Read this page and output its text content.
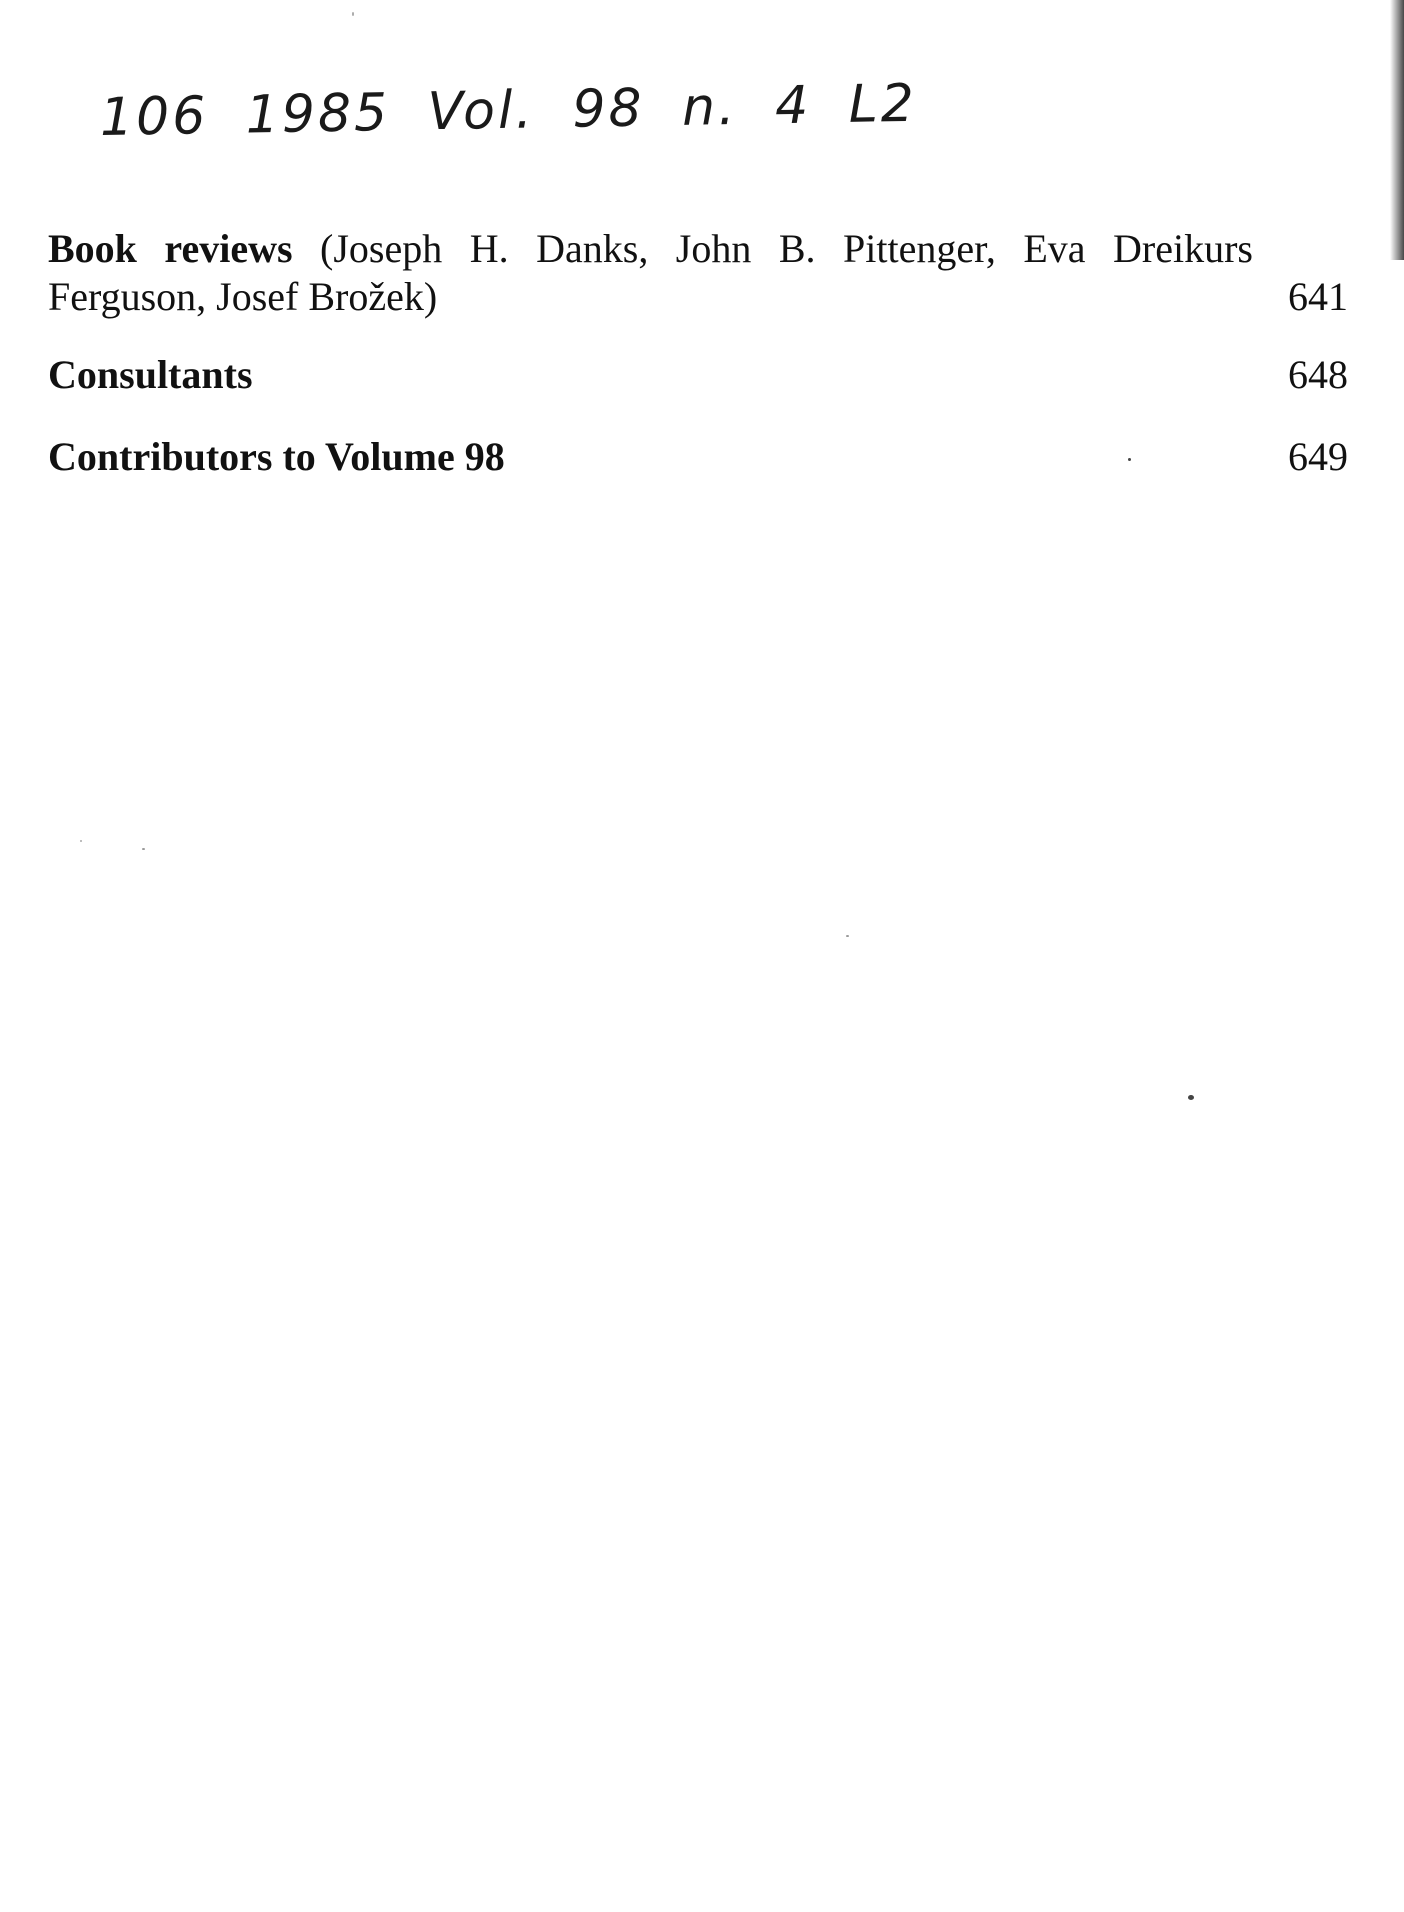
106 1985 Vol. 98 n. 4 L2
Book reviews (Joseph H. Danks, John B. Pittenger, Eva Dreikurs Ferguson, Josef Brožek)	641
Consultants	648
Contributors to Volume 98	649
